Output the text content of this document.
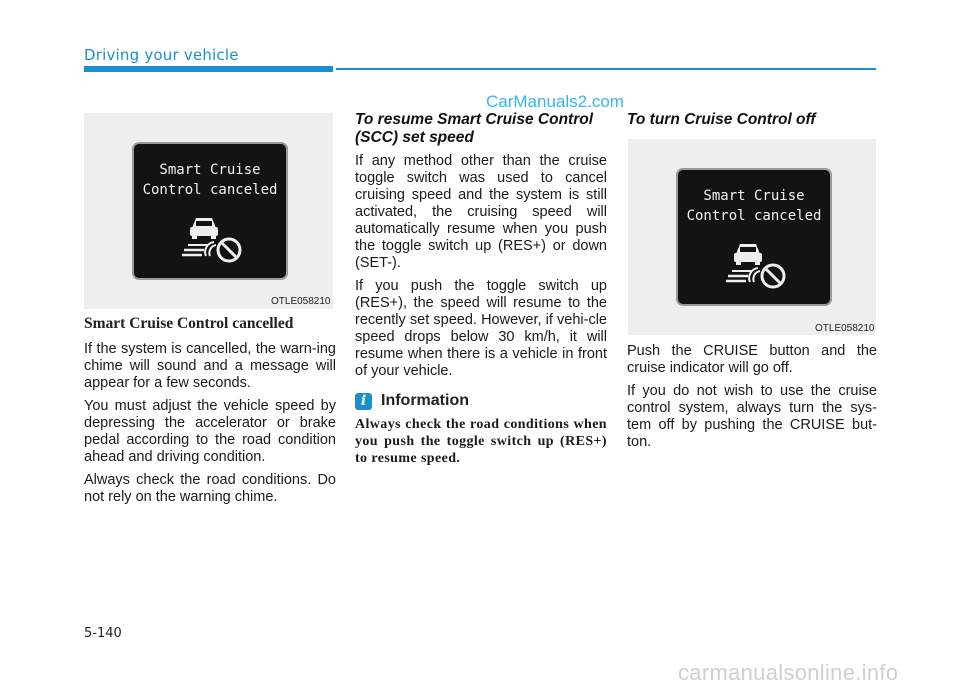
Driving your vehicle
CarManuals2.com
Smart Cruise
Control canceled
OTLE058210
Smart Cruise
Control canceled
OTLE058210
Smart Cruise Control cancelled

If the system is cancelled, the warn-ing chime will sound and a message will appear for a few seconds.

You must adjust the vehicle speed by depressing the accelerator or brake pedal according to the road condition ahead and driving condition.

Always check the road conditions. Do not rely on the warning chime.

To resume Smart Cruise Control (SCC) set speed

If any method other than the cruise toggle switch was used to cancel cruising speed and the system is still activated, the cruising speed will automatically resume when you push the toggle switch up (RES+) or down (SET-).

If you push the toggle switch up (RES+), the speed will resume to the recently set speed. However, if vehi-cle speed drops below 30 km/h, it will resume when there is a vehicle in front of your vehicle.

i Information

Always check the road conditions when you push the toggle switch up (RES+) to resume speed.

To turn Cruise Control off

Push the CRUISE button and the cruise indicator will go off.

If you do not wish to use the cruise control system, always turn the sys-tem off by pushing the CRUISE but-ton.

5-140
carmanualsonline.info
